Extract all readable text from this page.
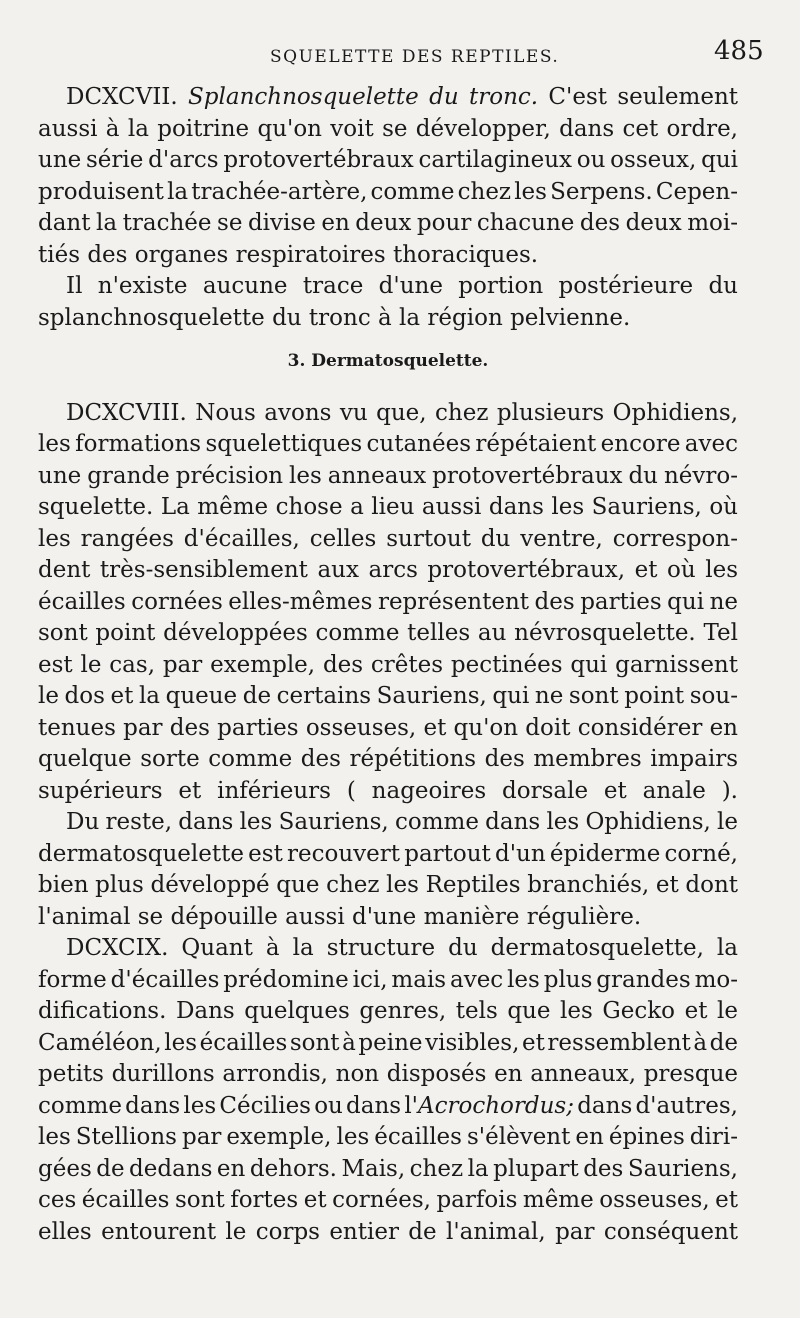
SQUELETTE DES REPTILES.	485

DCXCVII. Splanchnosquelette du tronc. C'est seulement
aussi à la poitrine qu'on voit se développer, dans cet ordre,
une série d'arcs protovertébraux cartilagineux ou osseux, qui
produisent la trachée-artère, comme chez les Serpens. Cepen-
dant la trachée se divise en deux pour chacune des deux moi-
tiés des organes respiratoires thoraciques.

Il n'existe aucune trace d'une portion postérieure du
splanchnosquelette du tronc à la région pelvienne.

3. Dermatosquelette.

DCXCVIII. Nous avons vu que, chez plusieurs Ophidiens,
les formations squelettiques cutanées répétaient encore avec
une grande précision les anneaux protovertébraux du névro-
squelette. La même chose a lieu aussi dans les Sauriens, où
les rangées d'écailles, celles surtout du ventre, correspon-
dent très-sensiblement aux arcs protovertébraux, et où les
écailles cornées elles-mêmes représentent des parties qui ne
sont point développées comme telles au névrosquelette. Tel
est le cas, par exemple, des crêtes pectinées qui garnissent
le dos et la queue de certains Sauriens, qui ne sont point sou-
tenues par des parties osseuses, et qu'on doit considérer en
quelque sorte comme des répétitions des membres impairs
supérieurs et inférieurs ( nageoires dorsale et anale ).

Du reste, dans les Sauriens, comme dans les Ophidiens, le
dermatosquelette est recouvert partout d'un épiderme corné,
bien plus développé que chez les Reptiles branchiés, et dont
l'animal se dépouille aussi d'une manière régulière.

DCXCIX. Quant à la structure du dermatosquelette, la
forme d'écailles prédomine ici, mais avec les plus grandes mo-
difications. Dans quelques genres, tels que les Gecko et le
Caméléon, les écailles sont à peine visibles, et ressemblent à de
petits durillons arrondis, non disposés en anneaux, presque
comme dans les Cécilies ou dans l'Acrochordus; dans d'autres,
les Stellions par exemple, les écailles s'élèvent en épines diri-
gées de dedans en dehors. Mais, chez la plupart des Sauriens,
ces écailles sont fortes et cornées, parfois même osseuses, et
elles entourent le corps entier de l'animal, par conséquent
